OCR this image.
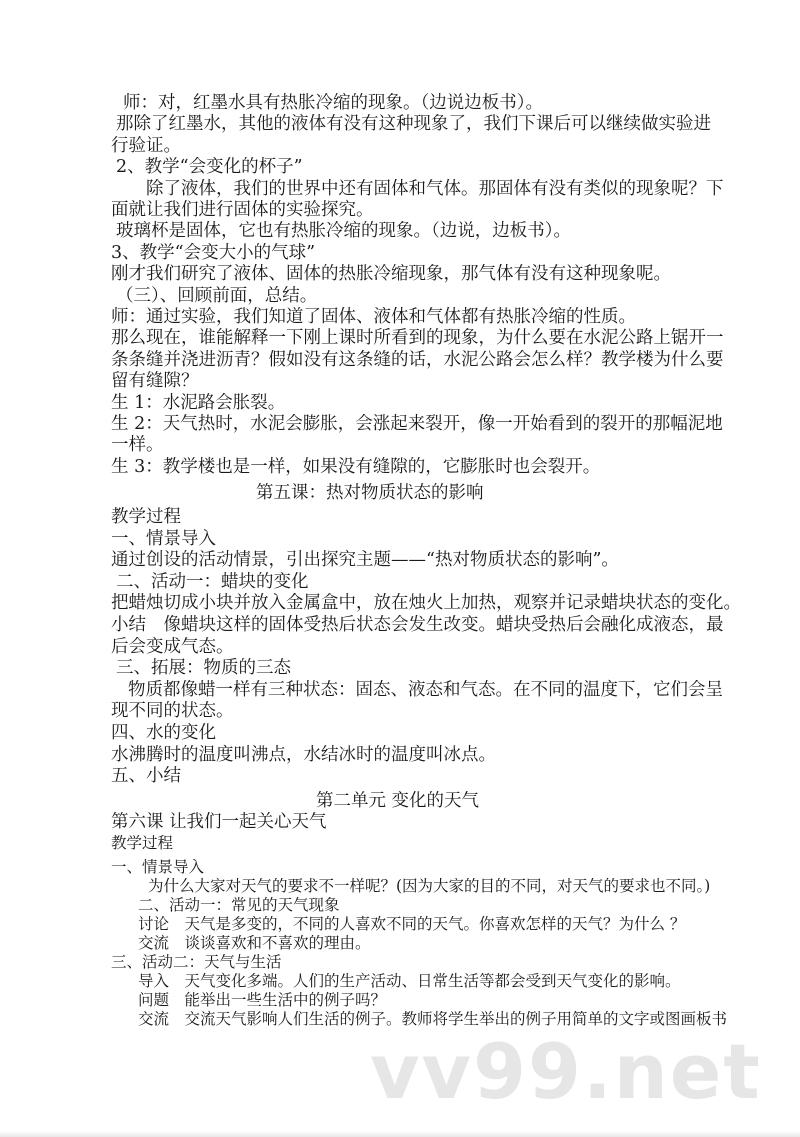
vv99.net
师：对，红墨水具有热胀冷缩的现象。（边说边板书）。
那除了红墨水，其他的液体有没有这种现象了，我们下课后可以继续做实验进
行验证。
2、教学“会变化的杯子”
除了液体，我们的世界中还有固体和气体。那固体有没有类似的现象呢？下
面就让我们进行固体的实验探究。
玻璃杯是固体，它也有热胀冷缩的现象。（边说，边板书）。
3、教学“会变大小的气球”
刚才我们研究了液体、固体的热胀冷缩现象，那气体有没有这种现象呢。
（三）、回顾前面，总结。
师：通过实验，我们知道了固体、液体和气体都有热胀冷缩的性质。
那么现在，谁能解释一下刚上课时所看到的现象，为什么要在水泥公路上锯开一
条条缝并浇进沥青？假如没有这条缝的话，水泥公路会怎么样？教学楼为什么要
留有缝隙？
生 1：水泥路会胀裂。
生 2：天气热时，水泥会膨胀，会涨起来裂开，像一开始看到的裂开的那幅泥地
一样。
生 3：教学楼也是一样，如果没有缝隙的，它膨胀时也会裂开。
教学过程
一、情景导入
通过创设的活动情景，引出探究主题——“热对物质状态的影响”。
二、活动一：蜡块的变化
把蜡烛切成小块并放入金属盒中，放在烛火上加热，观察并记录蜡块状态的变化。
小结　像蜡块这样的固体受热后状态会发生改变。蜡块受热后会融化成液态，最
后会变成气态。
三、拓展：物质的三态
物质都像蜡一样有三种状态：固态、液态和气态。在不同的温度下，它们会呈
现不同的状态。
四、水的变化
水沸腾时的温度叫沸点，水结冰时的温度叫冰点。
五、小结
一、情景导入
为什么大家对天气的要求不一样呢？(因为大家的目的不同，对天气的要求也不同。)
二、活动一：常见的天气现象
讨论　天气是多变的，不同的人喜欢不同的天气。你喜欢怎样的天气？为什么 ？
交流　谈谈喜欢和不喜欢的理由。
三、活动二：天气与生活
导入　天气变化多端。人们的生产活动、日常生活等都会受到天气变化的影响。
问题　能举出一些生活中的例子吗？
交流　交流天气影响人们生活的例子。教师将学生举出的例子用简单的文字或图画板书
第五课：热对物质状态的影响
第二单元 变化的天气
第六课 让我们一起关心天气
教学过程
